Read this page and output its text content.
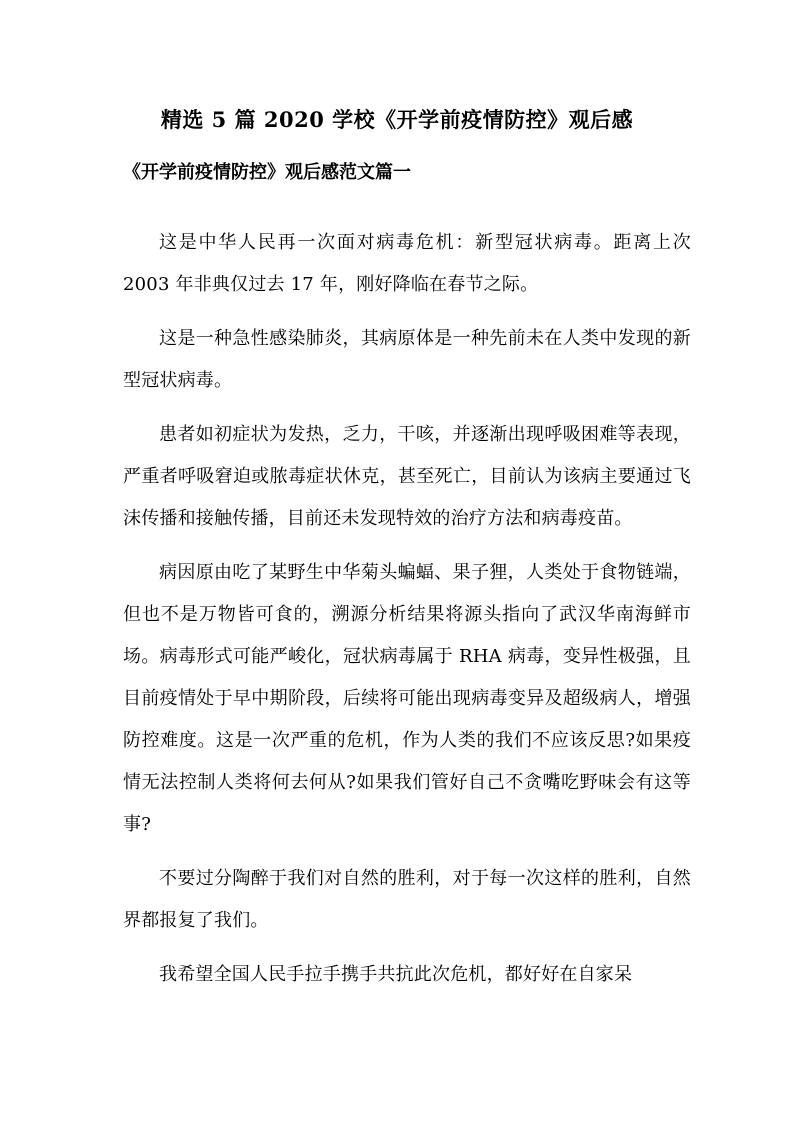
精选 5 篇 2020 学校《开学前疫情防控》观后感
《开学前疫情防控》观后感范文篇一

这是中华人民再一次面对病毒危机：新型冠状病毒。距离上次 2003 年非典仅过去 17 年，刚好降临在春节之际。

这是一种急性感染肺炎，其病原体是一种先前未在人类中发现的新型冠状病毒。

患者如初症状为发热，乏力，干咳，并逐渐出现呼吸困难等表现，严重者呼吸窘迫或脓毒症状休克，甚至死亡，目前认为该病主要通过飞沫传播和接触传播，目前还未发现特效的治疗方法和病毒疫苗。

病因原由吃了某野生中华菊头蝙蝠、果子狸，人类处于食物链端，但也不是万物皆可食的，溯源分析结果将源头指向了武汉华南海鲜市场。病毒形式可能严峻化，冠状病毒属于 RHA 病毒，变异性极强，且目前疫情处于早中期阶段，后续将可能出现病毒变异及超级病人，增强防控难度。这是一次严重的危机，作为人类的我们不应该反思?如果疫情无法控制人类将何去何从?如果我们管好自己不贪嘴吃野味会有这等事?

不要过分陶醉于我们对自然的胜利，对于每一次这样的胜利，自然界都报复了我们。

我希望全国人民手拉手携手共抗此次危机，都好好在自家呆
